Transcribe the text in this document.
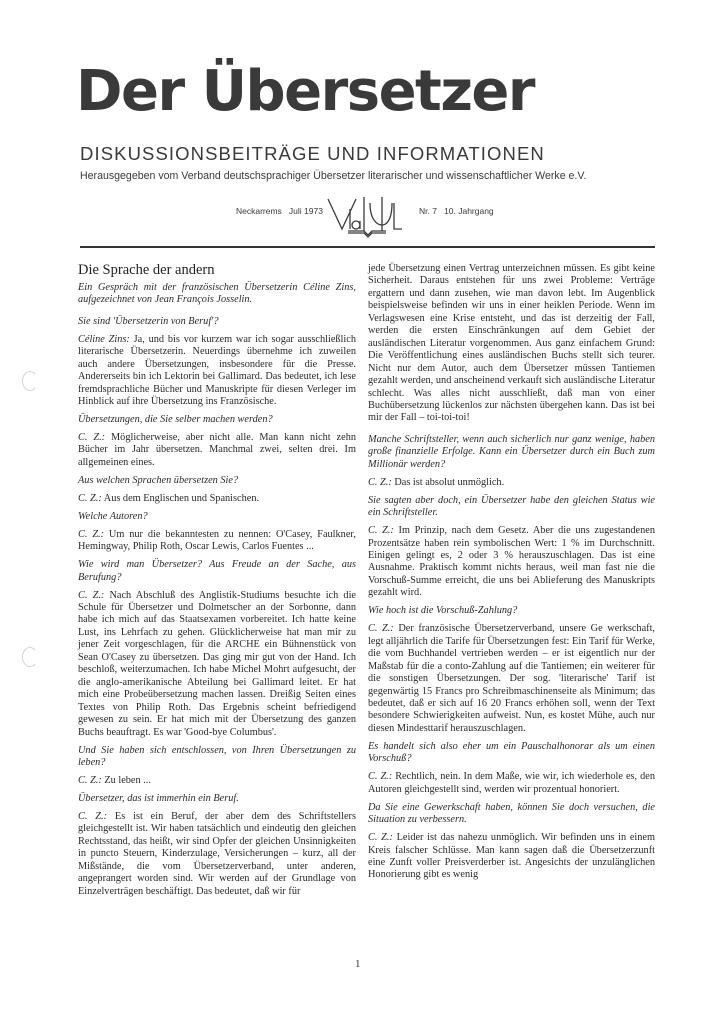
Der Übersetzer
DISKUSSIONSBEITRÄGE UND INFORMATIONEN
Herausgegeben vom Verband deutschsprachiger Übersetzer literarischer und wissenschaftlicher Werke e.V.
Neckarrems   Juli 1973	Nr. 7   10. Jahrgang
Die Sprache der andern

Ein Gespräch mit der französischen Übersetzerin Céline Zins, aufgezeichnet von Jean François Josselin.

Sie sind 'Übersetzerin von Beruf'?

Céline Zins: Ja, und bis vor kurzem war ich sogar ausschließlich literarische Übersetzerin. Neuerdings übernehme ich zuweilen auch andere Übersetzungen, insbesondere für die Presse. Andererseits bin ich Lektorin bei Gallimard. Das bedeutet, ich lese fremdsprachliche Bücher und Manuskripte für diesen Verleger im Hinblick auf ihre Übersetzung ins Französische.

Übersetzungen, die Sie selber machen werden?

C. Z.: Möglicherweise, aber nicht alle. Man kann nicht zehn Bücher im Jahr übersetzen. Manchmal zwei, selten drei. Im allgemeinen eines.

Aus welchen Sprachen übersetzen Sie?

C. Z.: Aus dem Englischen und Spanischen.

Welche Autoren?

C. Z.: Um nur die bekanntesten zu nennen: O'Casey, Faulkner, Hemingway, Philip Roth, Oscar Lewis, Carlos Fuentes ...

Wie wird man Übersetzer? Aus Freude an der Sache, aus Berufung?

C. Z.: Nach Abschluß des Anglistik-Studiums besuchte ich die Schule für Übersetzer und Dolmetscher an der Sorbonne, dann habe ich mich auf das Staatsexamen vorbereitet. Ich hatte keine Lust, ins Lehrfach zu gehen. Glücklicherweise hat man mir zu jener Zeit vorgeschlagen, für die ARCHE ein Bühnenstück von Sean O'Casey zu übersetzen. Das ging mir gut von der Hand. Ich beschloß, weiterzumachen. Ich habe Michel Mohrt aufgesucht, der die anglo-amerikanische Abteilung bei Gallimard leitet. Er hat mich eine Probeübersetzung machen lassen. Dreißig Seiten eines Textes von Philip Roth. Das Ergebnis scheint befriedigend gewesen zu sein. Er hat mich mit der Übersetzung des ganzen Buchs beauftragt. Es war 'Good-bye Columbus'.

Und Sie haben sich entschlossen, von Ihren Übersetzungen zu leben?

C. Z.: Zu leben ...

Übersetzer, das ist immerhin ein Beruf.

C. Z.: Es ist ein Beruf, der aber dem des Schriftstellers gleichgestellt ist. Wir haben tatsächlich und eindeutig den gleichen Rechtsstand, das heißt, wir sind Opfer der gleichen Unsinnigkeiten in puncto Steuern, Kinderzulage, Versicherungen – kurz, all der Mißstände, die vom Übersetzerverband, unter anderen, angeprangert worden sind. Wir werden auf der Grundlage von Einzelverträgen beschäftigt. Das bedeutet, daß wir für

jede Übersetzung einen Vertrag unterzeichnen müssen. Es gibt keine Sicherheit. Daraus entstehen für uns zwei Probleme: Verträge ergattern und dann zusehen, wie man davon lebt. Im Augenblick beispielsweise befinden wir uns in einer heiklen Periode. Wenn im Verlagswesen eine Krise entsteht, und das ist derzeitig der Fall, werden die ersten Einschränkungen auf dem Gebiet der ausländischen Literatur vorgenommen. Aus ganz einfachem Grund: Die Veröffentlichung eines ausländischen Buchs stellt sich teurer. Nicht nur dem Autor, auch dem Übersetzer müssen Tantiemen gezahlt werden, und anscheinend verkauft sich ausländische Literatur schlecht. Was alles nicht ausschließt, daß man von einer Buchübersetzung lückenlos zur nächsten übergehen kann. Das ist bei mir der Fall – toi-toi-toi!

Manche Schriftsteller, wenn auch sicherlich nur ganz wenige, haben große finanzielle Erfolge. Kann ein Übersetzer durch ein Buch zum Millionär werden?

C. Z.: Das ist absolut unmöglich.

Sie sagten aber doch, ein Übersetzer habe den gleichen Status wie ein Schriftsteller.

C. Z.: Im Prinzip, nach dem Gesetz. Aber die uns zugestandenen Prozentsätze haben rein symbolischen Wert: 1 % im Durchschnitt. Einigen gelingt es, 2 oder 3 % herauszuschlagen. Das ist eine Ausnahme. Praktisch kommt nichts heraus, weil man fast nie die Vorschuß-Summe erreicht, die uns bei Ablieferung des Manuskripts gezahlt wird.

Wie hoch ist die Vorschuß-Zahlung?

C. Z.: Der französische Übersetzerverband, unsere Ge werkschaft, legt alljährlich die Tarife für Übersetzungen fest: Ein Tarif für Werke, die vom Buchhandel vertrieben werden – er ist eigentlich nur der Maßstab für die a conto-Zahlung auf die Tantiemen; ein weiterer für die sonstigen Übersetzungen. Der sog. 'literarische' Tarif ist gegenwärtig 15 Francs pro Schreibmaschinenseite als Minimum; das bedeutet, daß er sich auf 16 20 Francs erhöhen soll, wenn der Text besondere Schwierigkeiten aufweist. Nun, es kostet Mühe, auch nur diesen Mindesttarif herauszuschlagen.

Es handelt sich also eher um ein Pauschalhonorar als um einen Vorschuß?

C. Z.: Rechtlich, nein. In dem Maße, wie wir, ich wiederhole es, den Autoren gleichgestellt sind, werden wir prozentual honoriert.

Da Sie eine Gewerkschaft haben, können Sie doch versuchen, die Situation zu verbessern.

C. Z.: Leider ist das nahezu unmöglich. Wir befinden uns in einem Kreis falscher Schlüsse. Man kann sagen daß die Übersetzerzunft eine Zunft voller Preisverderber ist. Angesichts der unzulänglichen Honorierung gibt es wenig

1
